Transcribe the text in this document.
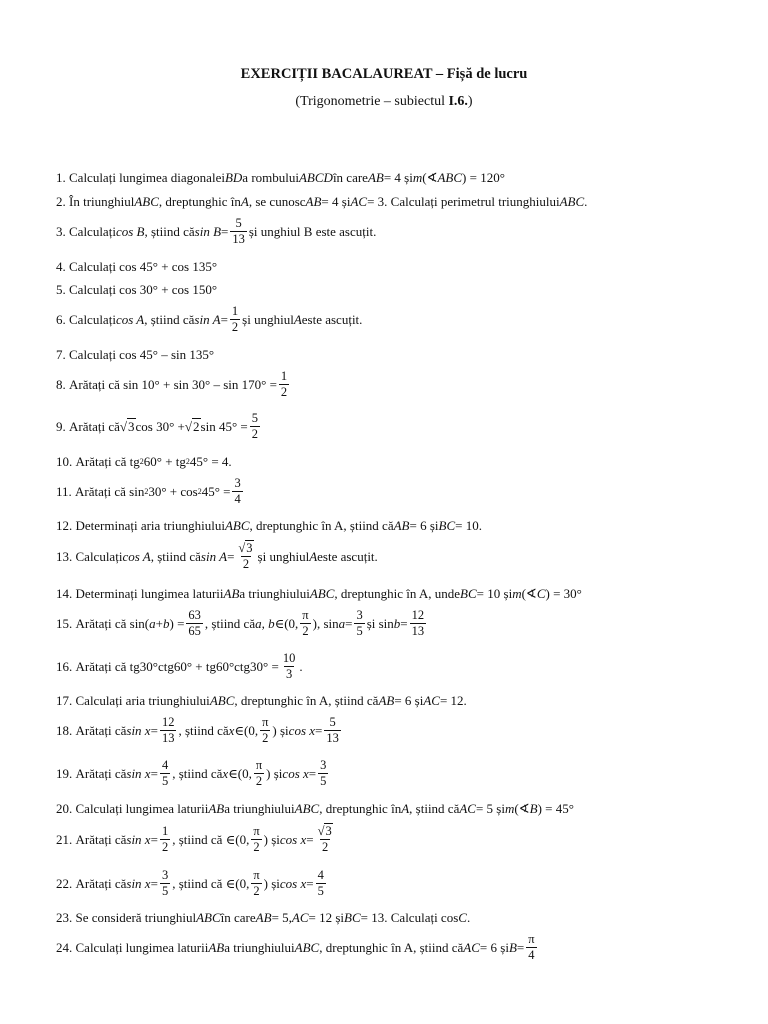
EXERCIȚII BACALAUREAT – Fișă de lucru
(Trigonometrie – subiectul I.6.)
1.
Calculați lungimea diagonalei BD a rombului ABCD în care AB = 4 și m (∢ ABC ) = 120°
2.
În triunghiul ABC , dreptunghic în A , se cunosc AB = 4 și AC = 3. Calculați perimetrul triunghiului ABC .
3.
Calculați cos B , știind că $\sin B = \frac{5}{13}$ și unghiul B este ascuțit.
4.
Calculați cos 45° + cos 135°
5.
Calculați cos 30° + cos 150°
6.
Calculați cos A , știind că $\sin A = \frac{1}{2}$ și unghiul A este ascuțit.
7.
Calculați cos 45° – sin 135°
8.
Arătați că $\sin 10^\circ + \sin 30^\circ - \sin 170^\circ = \frac{1}{2}$
9.
Arătați că √3 cos 30° + √2 $\sin 45^\circ = \frac{5}{2}$
10.
Arătați că tg 2 60° + tg 2 45° = 4.
11.
Arătați că sin 2 30° + cos 2 $45^\circ = \frac{3}{4}$
12.
Determinați aria triunghiului ABC , dreptunghic în A, știind că AB = 6 și BC = 10.
13.
Calculați cos A , știind că $\sin A = \frac{√3}{2}$ și unghiul A este ascuțit.
14.
Determinați lungimea laturii AB a triunghiului ABC , dreptunghic în A, unde BC = 10 și m (∢ C ) = 30°
15.
Arătați că sin( a + b ) = $\frac{63}{65}$ , știind că a, b ∈(0, $\frac{\pi}{2}$ ), $\sin a = \frac{3}{5}$ și $\sin b = \frac{12}{13}$
16.
Arătați că $tg30^\circ ctg60^\circ + tg60^\circ ctg30^\circ = \frac{10}{3}$ .
17.
Calculați aria triunghiului ABC , dreptunghic în A, știind că AB = 6 și AC = 12.
18.
Arătați că $\sin x = \frac{12}{13}$ , știind că x ∈(0, $\frac{\pi}{2}$ ) și $\cos x = \frac{5}{13}$
19.
Arătați că $\sin x = \frac{4}{5}$ , știind că x ∈(0, $\frac{\pi}{2}$ ) și $\cos x = \frac{3}{5}$
20.
Calculați lungimea laturii AB a triunghiului ABC , dreptunghic în A , știind că AC = 5 și m (∢ B ) = 45°
21.
Arătați că $\sin x = \frac{1}{2}$ , știind că ∈(0, $\frac{\pi}{2}$ ) și $\cos x = \frac{√3}{2}$
22.
Arătați că $\sin x = \frac{3}{5}$ , știind că ∈(0, $\frac{\pi}{2}$ ) și $\cos x = \frac{4}{5}$
23.
Se consideră triunghiul ABC în care AB = 5, AC = 12 și BC = 13. Calculați cos C .
24.
Calculați lungimea laturii AB a triunghiului ABC , dreptunghic în A, știind că AC = 6 și $B = \frac{\pi}{4}$
